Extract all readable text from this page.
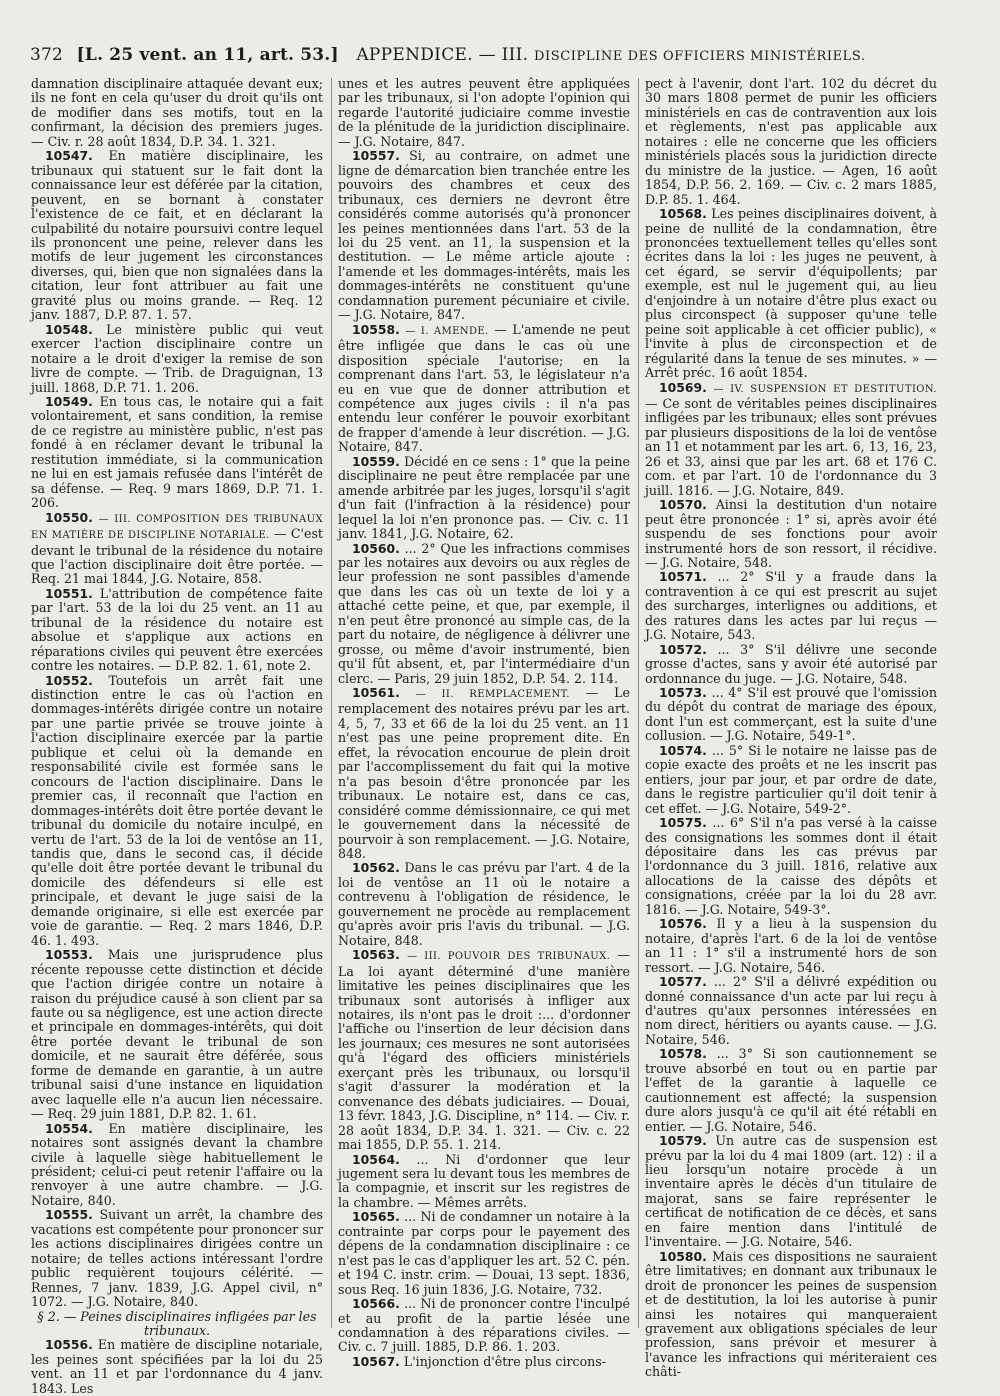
372 [L. 25 vent. an 11, art. 53.] APPENDICE. — III. DISCIPLINE DES OFFICIERS MINISTÉRIELS.

damnation disciplinaire attaquée devant eux; ils ne font en cela qu'user du droit qu'ils ont de modifier dans ses motifs, tout en la confirmant, la décision des premiers juges. — Civ. r. 28 août 1834, D.P. 34. 1. 321.

10547. En matière disciplinaire, les tribunaux qui statuent sur le fait dont la connaissance leur est déférée par la citation, peuvent, en se bornant à constater l'existence de ce fait, et en déclarant la culpabilité du notaire poursuivi contre lequel ils prononcent une peine, relever dans les motifs de leur jugement les circonstances diverses, qui, bien que non signalées dans la citation, leur font attribuer au fait une gravité plus ou moins grande. — Req. 12 janv. 1887, D.P. 87. 1. 57.

10548. Le ministère public qui veut exercer l'action disciplinaire contre un notaire a le droit d'exiger la remise de son livre de compte. — Trib. de Draguignan, 13 juill. 1868, D.P. 71. 1. 206.

10549. En tous cas, le notaire qui a fait volontairement, et sans condition, la remise de ce registre au ministère public, n'est pas fondé à en réclamer devant le tribunal la restitution immédiate, si la communication ne lui en est jamais refusée dans l'intérêt de sa défense. — Req. 9 mars 1869, D.P. 71. 1. 206.

10550. — III. COMPOSITION DES TRIBUNAUX EN MATIÈRE DE DISCIPLINE NOTARIALE. — C'est devant le tribunal de la résidence du notaire que l'action disciplinaire doit être portée. — Req. 21 mai 1844, J.G. Notaire, 858.

10551. L'attribution de compétence faite par l'art. 53 de la loi du 25 vent. an 11 au tribunal de la résidence du notaire est absolue et s'applique aux actions en réparations civiles qui peuvent être exercées contre les notaires. — D.P. 82. 1. 61, note 2.

10552. Toutefois un arrêt fait une distinction entre le cas où l'action en dommages-intérêts dirigée contre un notaire par une partie privée se trouve jointe à l'action disciplinaire exercée par la partie publique et celui où la demande en responsabilité civile est formée sans le concours de l'action disciplinaire. Dans le premier cas, il reconnaît que l'action en dommages-intérêts doit être portée devant le tribunal du domicile du notaire inculpé, en vertu de l'art. 53 de la loi de ventôse an 11, tandis que, dans le second cas, il décide qu'elle doit être portée devant le tribunal du domicile des défendeurs si elle est principale, et devant le juge saisi de la demande originaire, si elle est exercée par voie de garantie. — Req. 2 mars 1846, D.P. 46. 1. 493.

10553. Mais une jurisprudence plus récente repousse cette distinction et décide que l'action dirigée contre un notaire à raison du préjudice causé à son client par sa faute ou sa négligence, est une action directe et principale en dommages-intérêts, qui doit être portée devant le tribunal de son domicile, et ne saurait être déférée, sous forme de demande en garantie, à un autre tribunal saisi d'une instance en liquidation avec laquelle elle n'a aucun lien nécessaire. — Req. 29 juin 1881, D.P. 82. 1. 61.

10554. En matière disciplinaire, les notaires sont assignés devant la chambre civile à laquelle siège habituellement le président; celui-ci peut retenir l'affaire ou la renvoyer à une autre chambre. — J.G. Notaire, 840.

10555. Suivant un arrêt, la chambre des vacations est compétente pour prononcer sur les actions disciplinaires dirigées contre un notaire; de telles actions intéressant l'ordre public requièrent toujours célérité. — Rennes, 7 janv. 1839, J.G. Appel civil, n° 1072. — J.G. Notaire, 840.

§ 2. — Peines disciplinaires infligées par les tribunaux.

10556. En matière de discipline notariale, les peines sont spécifiées par la loi du 25 vent. an 11 et par l'ordonnance du 4 janv. 1843. Les

unes et les autres peuvent être appliquées par les tribunaux, si l'on adopte l'opinion qui regarde l'autorité judiciaire comme investie de la plénitude de la juridiction disciplinaire. — J.G. Notaire, 847.

10557. Si, au contraire, on admet une ligne de démarcation bien tranchée entre les pouvoirs des chambres et ceux des tribunaux, ces derniers ne devront être considérés comme autorisés qu'à prononcer les peines mentionnées dans l'art. 53 de la loi du 25 vent. an 11, la suspension et la destitution. — Le même article ajoute : l'amende et les dommages-intérêts, mais les dommages-intérêts ne constituent qu'une condamnation purement pécuniaire et civile. — J.G. Notaire, 847.

10558. — I. AMENDE. — L'amende ne peut être infligée que dans le cas où une disposition spéciale l'autorise; en la comprenant dans l'art. 53, le législateur n'a eu en vue que de donner attribution et compétence aux juges civils : il n'a pas entendu leur conférer le pouvoir exorbitant de frapper d'amende à leur discrétion. — J.G. Notaire, 847.

10559. Décidé en ce sens : 1° que la peine disciplinaire ne peut être remplacée par une amende arbitrée par les juges, lorsqu'il s'agit d'un fait (l'infraction à la résidence) pour lequel la loi n'en prononce pas. — Civ. c. 11 janv. 1841, J.G. Notaire, 62.

10560. ... 2° Que les infractions commises par les notaires aux devoirs ou aux règles de leur profession ne sont passibles d'amende que dans les cas où un texte de loi y a attaché cette peine, et que, par exemple, il n'en peut être prononcé au simple cas, de la part du notaire, de négligence à délivrer une grosse, ou même d'avoir instrumenté, bien qu'il fût absent, et, par l'intermédiaire d'un clerc. — Paris, 29 juin 1852, D.P. 54. 2. 114.

10561. — II. REMPLACEMENT. — Le remplacement des notaires prévu par les art. 4, 5, 7, 33 et 66 de la loi du 25 vent. an 11 n'est pas une peine proprement dite. En effet, la révocation encourue de plein droit par l'accomplissement du fait qui la motive n'a pas besoin d'être prononcée par les tribunaux. Le notaire est, dans ce cas, considéré comme démissionnaire, ce qui met le gouvernement dans la nécessité de pourvoir à son remplacement. — J.G. Notaire, 848.

10562. Dans le cas prévu par l'art. 4 de la loi de ventôse an 11 où le notaire a contrevenu à l'obligation de résidence, le gouvernement ne procède au remplacement qu'après avoir pris l'avis du tribunal. — J.G. Notaire, 848.

10563. — III. POUVOIR DES TRIBUNAUX. — La loi ayant déterminé d'une manière limitative les peines disciplinaires que les tribunaux sont autorisés à infliger aux notaires, ils n'ont pas le droit :... d'ordonner l'affiche ou l'insertion de leur décision dans les journaux; ces mesures ne sont autorisées qu'à l'égard des officiers ministériels exerçant près les tribunaux, ou lorsqu'il s'agit d'assurer la modération et la convenance des débats judiciaires. — Douai, 13 févr. 1843, J.G. Discipline, n° 114. — Civ. r. 28 août 1834, D.P. 34. 1. 321. — Civ. c. 22 mai 1855, D.P. 55. 1. 214.

10564. ... Ni d'ordonner que leur jugement sera lu devant tous les membres de la compagnie, et inscrit sur les registres de la chambre. — Mêmes arrêts.

10565. ... Ni de condamner un notaire à la contrainte par corps pour le payement des dépens de la condamnation disciplinaire : ce n'est pas le cas d'appliquer les art. 52 C. pén. et 194 C. instr. crim. — Douai, 13 sept. 1836, sous Req. 16 juin 1836, J.G. Notaire, 732.

10566. ... Ni de prononcer contre l'inculpé et au profit de la partie lésée une condamnation à des réparations civiles. — Civ. c. 7 juill. 1885, D.P. 86. 1. 203.

10567. L'injonction d'être plus circons-

pect à l'avenir, dont l'art. 102 du décret du 30 mars 1808 permet de punir les officiers ministériels en cas de contravention aux lois et règlements, n'est pas applicable aux notaires : elle ne concerne que les officiers ministériels placés sous la juridiction directe du ministre de la justice. — Agen, 16 août 1854, D.P. 56. 2. 169. — Civ. c. 2 mars 1885, D.P. 85. 1. 464.

10568. Les peines disciplinaires doivent, à peine de nullité de la condamnation, être prononcées textuellement telles qu'elles sont écrites dans la loi : les juges ne peuvent, à cet égard, se servir d'équipollents; par exemple, est nul le jugement qui, au lieu d'enjoindre à un notaire d'être plus exact ou plus circonspect (à supposer qu'une telle peine soit applicable à cet officier public), « l'invite à plus de circonspection et de régularité dans la tenue de ses minutes. » — Arrêt préc. 16 août 1854.

10569. — IV. SUSPENSION ET DESTITUTION. — Ce sont de véritables peines disciplinaires infligées par les tribunaux; elles sont prévues par plusieurs dispositions de la loi de ventôse an 11 et notamment par les art. 6, 13, 16, 23, 26 et 33, ainsi que par les art. 68 et 176 C. com. et par l'art. 10 de l'ordonnance du 3 juill. 1816. — J.G. Notaire, 849.

10570. Ainsi la destitution d'un notaire peut être prononcée : 1° si, après avoir été suspendu de ses fonctions pour avoir instrumenté hors de son ressort, il récidive. — J.G. Notaire, 548.

10571. ... 2° S'il y a fraude dans la contravention à ce qui est prescrit au sujet des surcharges, interlignes ou additions, et des ratures dans les actes par lui reçus — J.G. Notaire, 543.

10572. ... 3° S'il délivre une seconde grosse d'actes, sans y avoir été autorisé par ordonnance du juge. — J.G. Notaire, 548.

10573. ... 4° S'il est prouvé que l'omission du dépôt du contrat de mariage des époux, dont l'un est commerçant, est la suite d'une collusion. — J.G. Notaire, 549-1°.

10574. ... 5° Si le notaire ne laisse pas de copie exacte des proêts et ne les inscrit pas entiers, jour par jour, et par ordre de date, dans le registre particulier qu'il doit tenir à cet effet. — J.G. Notaire, 549-2°.

10575. ... 6° S'il n'a pas versé à la caisse des consignations les sommes dont il était dépositaire dans les cas prévus par l'ordonnance du 3 juill. 1816, relative aux allocations de la caisse des dépôts et consignations, créée par la loi du 28 avr. 1816. — J.G. Notaire, 549-3°.

10576. Il y a lieu à la suspension du notaire, d'après l'art. 6 de la loi de ventôse an 11 : 1° s'il a instrumenté hors de son ressort. — J.G. Notaire, 546.

10577. ... 2° S'il a délivré expédition ou donné connaissance d'un acte par lui reçu à d'autres qu'aux personnes intéressées en nom direct, héritiers ou ayants cause. — J.G. Notaire, 546.

10578. ... 3° Si son cautionnement se trouve absorbé en tout ou en partie par l'effet de la garantie à laquelle ce cautionnement est affecté; la suspension dure alors jusqu'à ce qu'il ait été rétabli en entier. — J.G. Notaire, 546.

10579. Un autre cas de suspension est prévu par la loi du 4 mai 1809 (art. 12) : il a lieu lorsqu'un notaire procède à un inventaire après le décès d'un titulaire de majorat, sans se faire représenter le certificat de notification de ce décès, et sans en faire mention dans l'intitulé de l'inventaire. — J.G. Notaire, 546.

10580. Mais ces dispositions ne sauraient être limitatives; en donnant aux tribunaux le droit de prononcer les peines de suspension et de destitution, la loi les autorise à punir ainsi les notaires qui manqueraient gravement aux obligations spéciales de leur profession, sans prévoir et mesurer à l'avance les infractions qui mériteraient ces châti-
